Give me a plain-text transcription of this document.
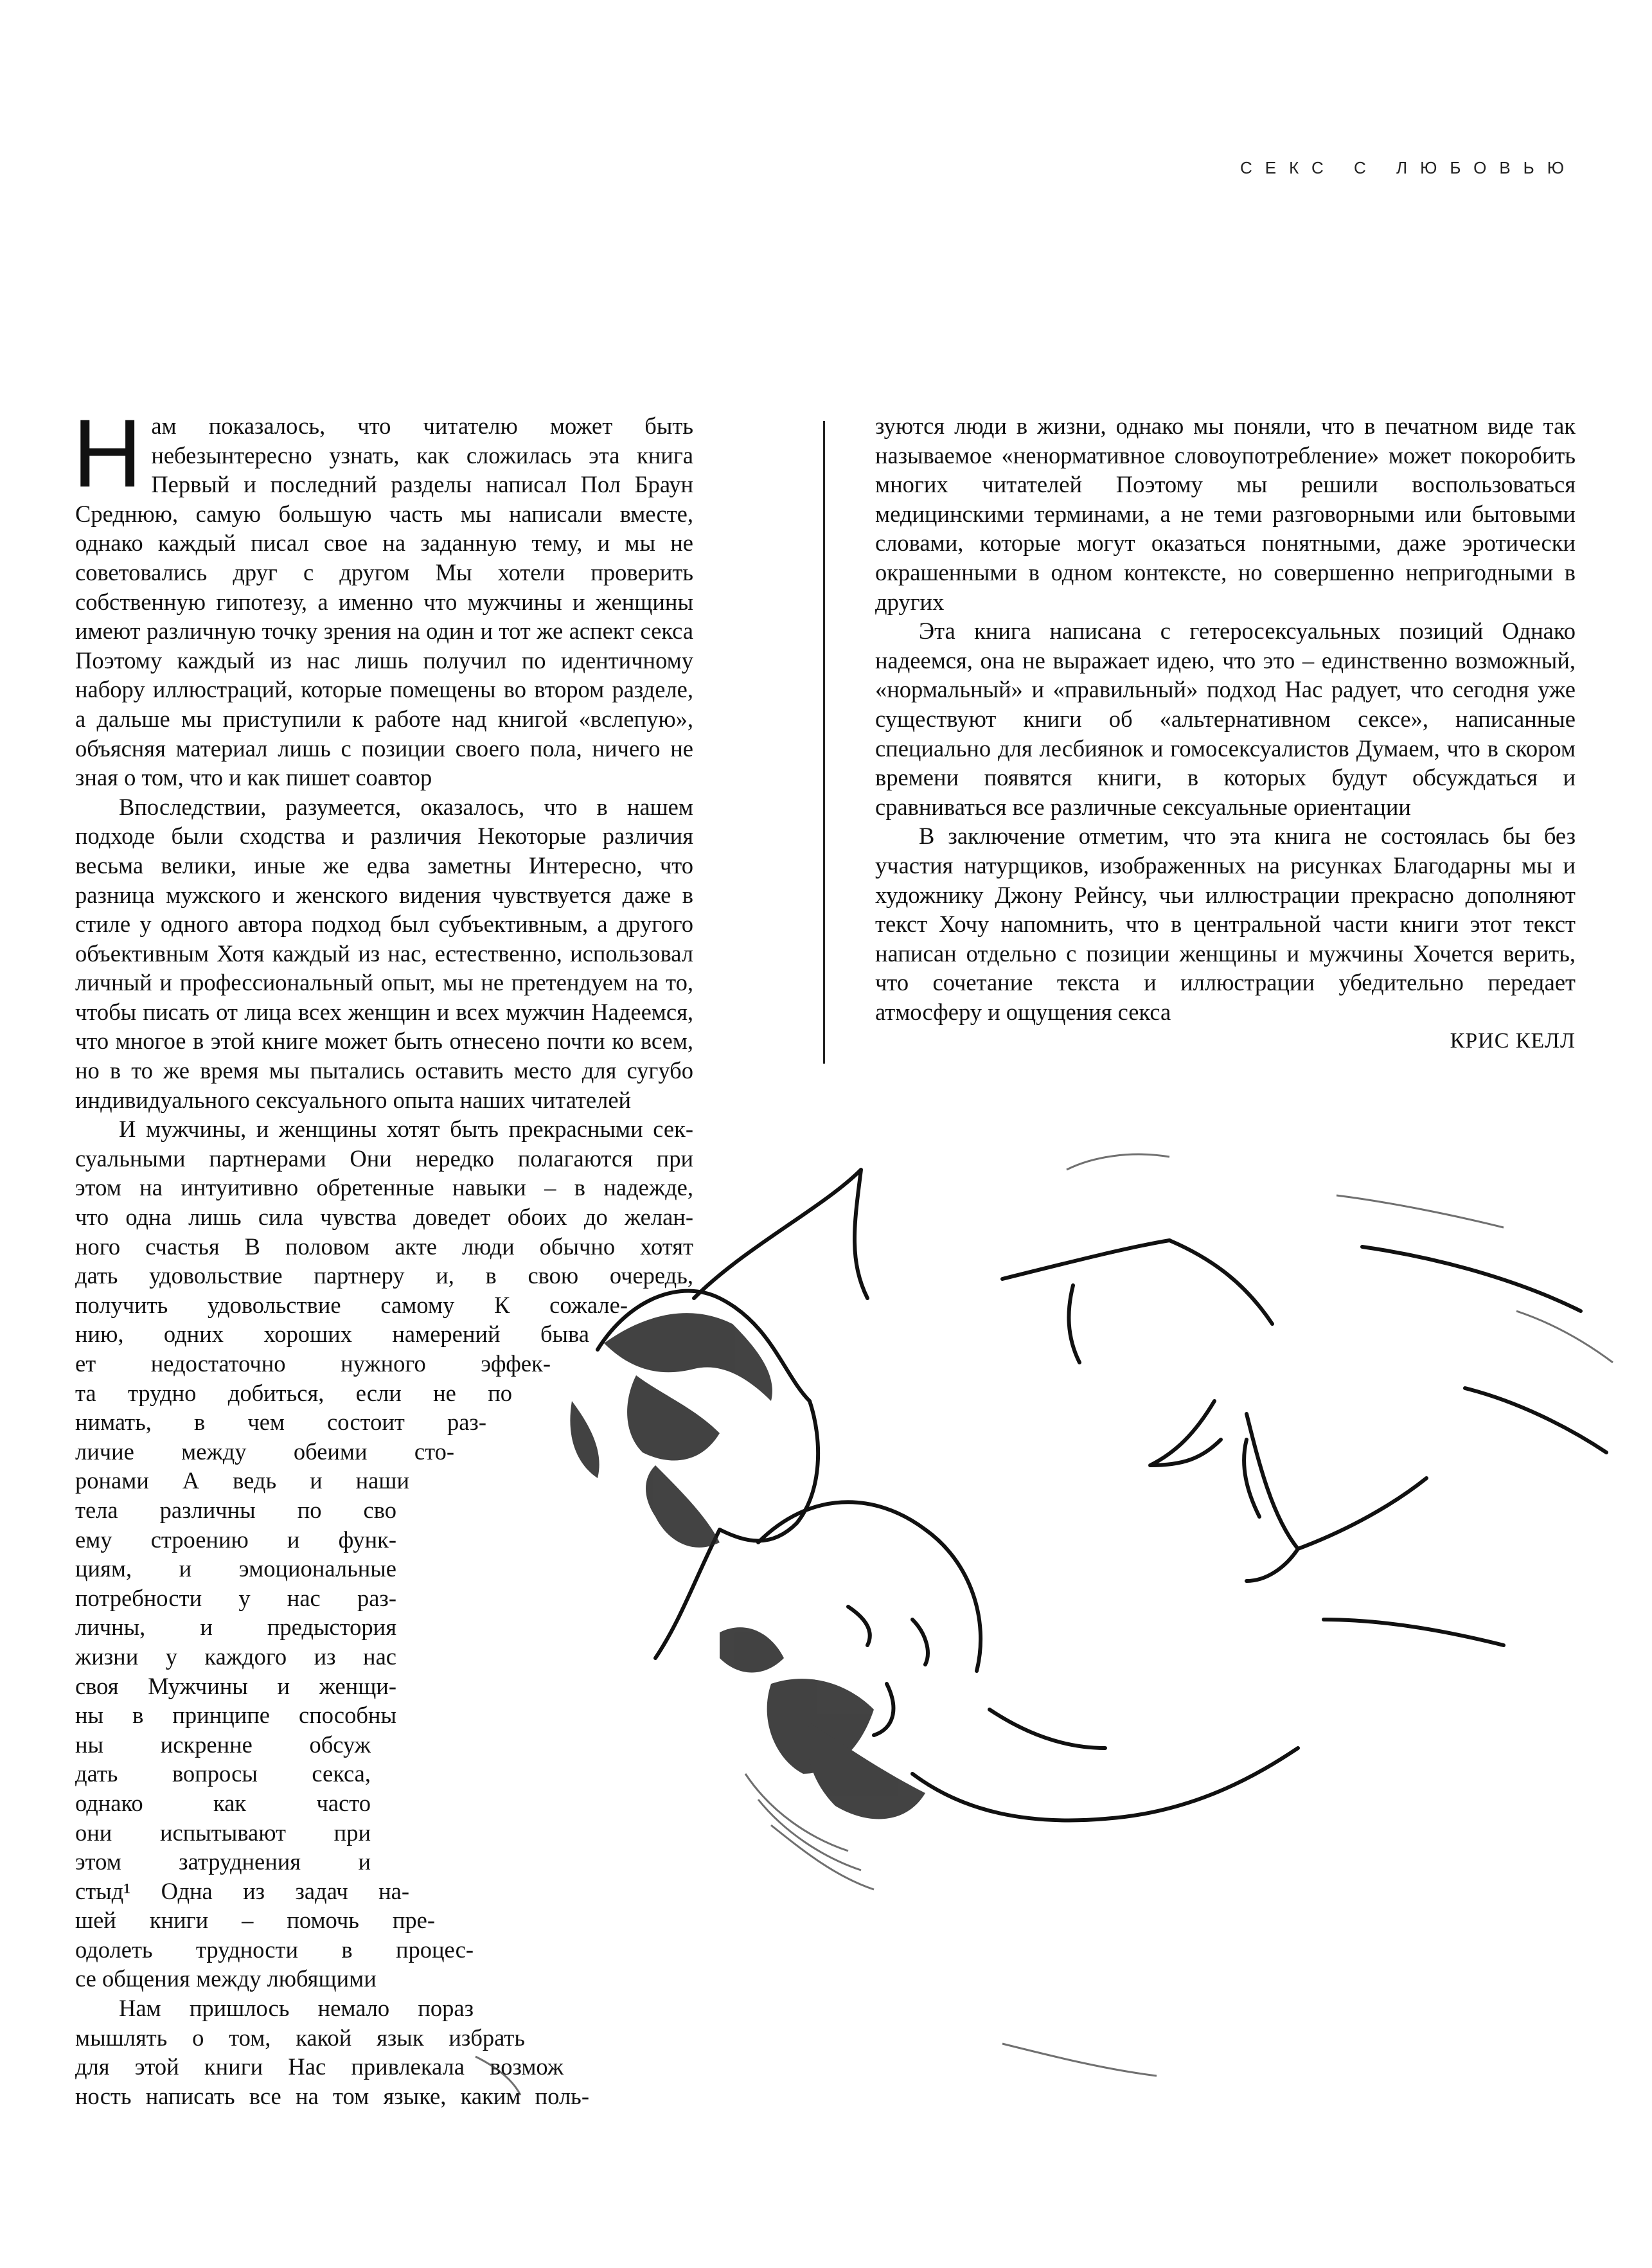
СЕКС С ЛЮБОВЬЮ

Нам показалось, что читателю может быть небезынтересно узнать, как сложилась эта книга Первый и последний разделы написал Пол Браун Среднюю, самую большую часть мы написали вместе, однако каждый писал свое на заданную тему, и мы не советовались друг с другом Мы хотели проверить собственную гипотезу, а именно что мужчины и женщины имеют различную точку зрения на один и тот же аспект секса Поэтому каждый из нас лишь получил по идентичному набору иллюстраций, которые помещены во втором разделе, а дальше мы приступили к работе над книгой «вслепую», объясняя материал лишь с позиции своего пола, ничего не зная о том, что и как пишет соавтор

Впоследствии, разумеется, оказалось, что в нашем подходе были сходства и различия Некоторые различия весьма велики, иные же едва заметны Интересно, что разница мужского и женского видения чувствуется даже в стиле у одного автора подход был субъективным, а другого объективным Хотя каждый из нас, естественно, использовал личный и профессиональный опыт, мы не претендуем на то, чтобы писать от лица всех женщин и всех мужчин Надеемся, что многое в этой книге может быть отнесено почти ко всем, но в то же время мы пытались оставить место для сугубо индивидуального сексуального опыта наших читателей

И мужчины, и женщины хотят быть прекрасными сек-
суальными партнерами Они нередко полагаются при
этом на интуитивно обретенные навыки – в надежде,
что одна лишь сила чувства доведет обоих до желан-
ного счастья В половом акте люди обычно хотят
дать удовольствие партнеру и, в свою очередь,
получить удовольствие самому К сожале-
нию, одних хороших намерений быва
ет недостаточно нужного эффек-
та трудно добиться, если не по
нимать, в чем состоит раз-
личие между обеими сто-
ронами А ведь и наши
тела различны по сво
ему строению и функ-
циям, и эмоциональные
потребности у нас раз-
личны, и предыстория
жизни у каждого из нас
своя Мужчины и женщи-
ны в принципе способны
ны искренне обсуж
дать вопросы секса,
однако как часто
они испытывают при
этом затруднения и
стыд¹ Одна из задач на-
шей книги – помочь пре-
одолеть трудности в процес-
се общения между любящими
Нам пришлось немало пораз
мышлять о том, какой язык избрать
для этой книги Нас привлекала возмож
ность написать все на том языке, каким поль-

зуются люди в жизни, однако мы поняли, что в печатном виде так называемое «ненормативное словоупотребление» может покоробить многих читателей Поэтому мы решили воспользоваться медицинскими терминами, а не теми разговорными или бытовыми словами, которые могут оказаться понятными, даже эротически окрашенными в одном контексте, но совершенно непригодными в других

Эта книга написана с гетеросексуальных позиций Однако надеемся, она не выражает идею, что это – единственно возможный, «нормальный» и «правильный» подход Нас радует, что сегодня уже существуют книги об «альтернативном сексе», написанные специально для лесбиянок и гомосексуалистов Думаем, что в скором времени появятся книги, в которых будут обсуждаться и сравниваться все различные сексуальные ориентации

В заключение отметим, что эта книга не состоялась бы без участия натурщиков, изображенных на рисунках Благодарны мы и художнику Джону Рейнсу, чьи иллюстрации прекрасно дополняют текст Хочу напомнить, что в центральной части книги этот текст написан отдельно с позиции женщины и мужчины Хочется верить, что сочетание текста и иллюстрации убедительно передает атмосферу и ощущения секса

КРИС КЕЛЛ
